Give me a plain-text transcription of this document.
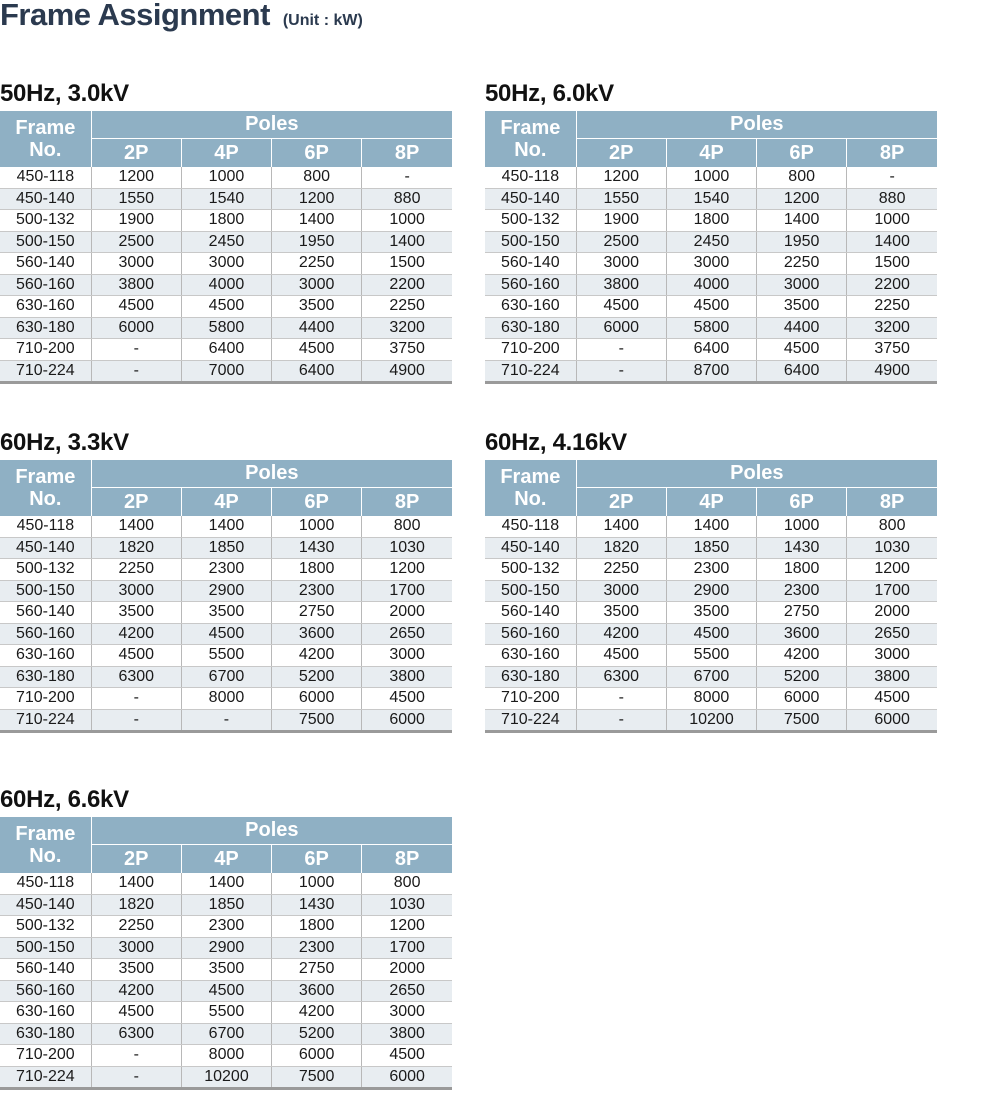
Frame Assignment (Unit : kW)
50Hz, 3.0kV
Frame
No.	Poles			
	2P	4P	6P	8P
450-118	1200	1000	800	-
450-140	1550	1540	1200	880
500-132	1900	1800	1400	1000
500-150	2500	2450	1950	1400
560-140	3000	3000	2250	1500
560-160	3800	4000	3000	2200
630-160	4500	4500	3500	2250
630-180	6000	5800	4400	3200
710-200	-	6400	4500	3750
710-224	-	7000	6400	4900
50Hz, 6.0kV
Frame
No.	Poles			
	2P	4P	6P	8P
450-118	1200	1000	800	-
450-140	1550	1540	1200	880
500-132	1900	1800	1400	1000
500-150	2500	2450	1950	1400
560-140	3000	3000	2250	1500
560-160	3800	4000	3000	2200
630-160	4500	4500	3500	2250
630-180	6000	5800	4400	3200
710-200	-	6400	4500	3750
710-224	-	8700	6400	4900
60Hz, 3.3kV
Frame
No.	Poles			
	2P	4P	6P	8P
450-118	1400	1400	1000	800
450-140	1820	1850	1430	1030
500-132	2250	2300	1800	1200
500-150	3000	2900	2300	1700
560-140	3500	3500	2750	2000
560-160	4200	4500	3600	2650
630-160	4500	5500	4200	3000
630-180	6300	6700	5200	3800
710-200	-	8000	6000	4500
710-224	-	-	7500	6000
60Hz, 4.16kV
Frame
No.	Poles			
	2P	4P	6P	8P
450-118	1400	1400	1000	800
450-140	1820	1850	1430	1030
500-132	2250	2300	1800	1200
500-150	3000	2900	2300	1700
560-140	3500	3500	2750	2000
560-160	4200	4500	3600	2650
630-160	4500	5500	4200	3000
630-180	6300	6700	5200	3800
710-200	-	8000	6000	4500
710-224	-	10200	7500	6000
60Hz, 6.6kV
Frame
No.	Poles			
	2P	4P	6P	8P
450-118	1400	1400	1000	800
450-140	1820	1850	1430	1030
500-132	2250	2300	1800	1200
500-150	3000	2900	2300	1700
560-140	3500	3500	2750	2000
560-160	4200	4500	3600	2650
630-160	4500	5500	4200	3000
630-180	6300	6700	5200	3800
710-200	-	8000	6000	4500
710-224	-	10200	7500	6000
